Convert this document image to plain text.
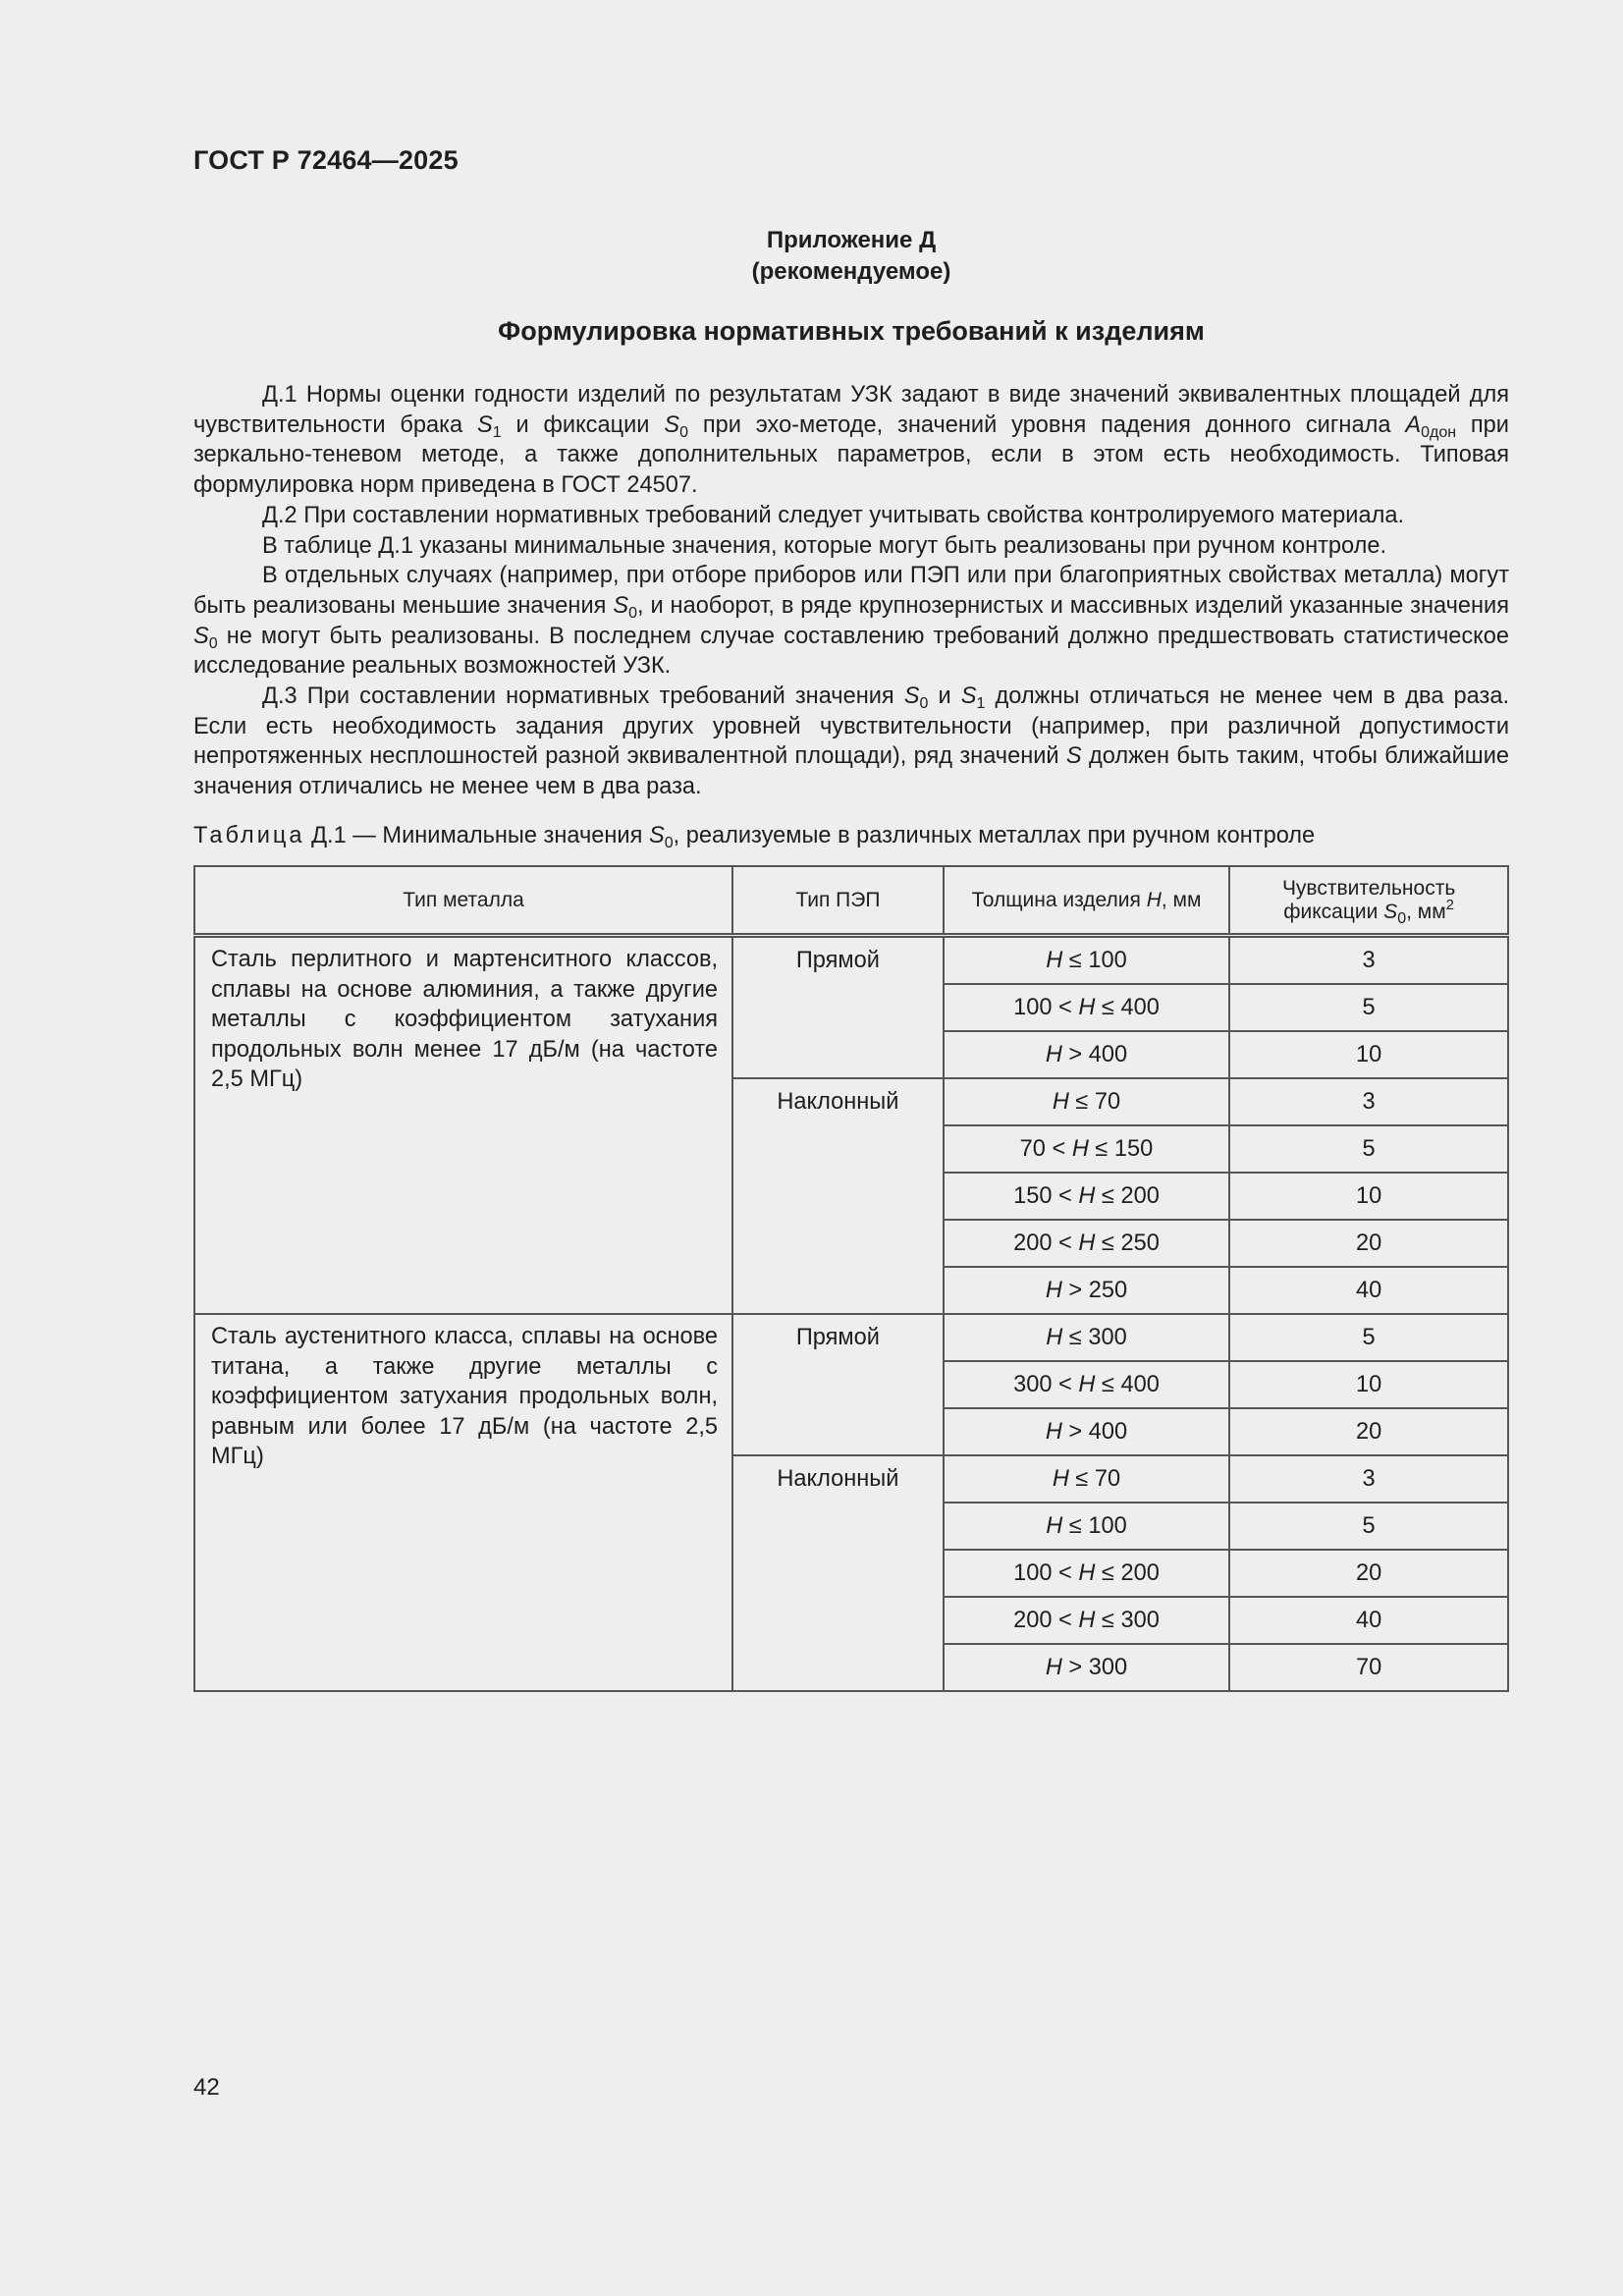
ГОСТ Р 72464—2025
Приложение Д
(рекомендуемое)
Формулировка нормативных требований к изделиям

Д.1 Нормы оценки годности изделий по результатам УЗК задают в виде значений эквивалентных площадей для чувствительности брака $S_1$ и фиксации $S_0$ при эхо-методе, значений уровня падения донного сигнала $A_{0дон}$ при зеркально-теневом методе, а также дополнительных параметров, если в этом есть необходимость. Типовая формулировка норм приведена в ГОСТ 24507.

Д.2 При составлении нормативных требований следует учитывать свойства контролируемого материала.

В таблице Д.1 указаны минимальные значения, которые могут быть реализованы при ручном контроле.

В отдельных случаях (например, при отборе приборов или ПЭП или при благоприятных свойствах металла) могут быть реализованы меньшие значения $S_0$, и наоборот, в ряде крупнозернистых и массивных изделий указанные значения $S_0$ не могут быть реализованы. В последнем случае составлению требований должно предшествовать статистическое исследование реальных возможностей УЗК.

Д.3 При составлении нормативных требований значения $S_0$ и $S_1$ должны отличаться не менее чем в два раза. Если есть необходимость задания других уровней чувствительности (например, при различной допустимости непротяженных несплошностей разной эквивалентной площади), ряд значений S должен быть таким, чтобы ближайшие значения отличались не менее чем в два раза.

Таблица Д.1 — Минимальные значения $S_0$, реализуемые в различных металлах при ручном контроле
Тип металла	Тип ПЭП	Толщина изделия H, мм	Чувствительность
фиксации $S_0$, $мм^2$
Сталь перлитного и мартенситного классов, сплавы на основе алюминия, а также другие металлы с коэффициентом затухания продольных волн менее 17 дБ/м (на частоте 2,5 МГц)	Прямой	H ≤ 100	3
		100 < H ≤ 400	5
		H > 400	10
	Наклонный	H ≤ 70	3
		70 < H ≤ 150	5
		150 < H ≤ 200	10
		200 < H ≤ 250	20
		H > 250	40
Сталь аустенитного класса, сплавы на основе титана, а также другие металлы с коэффициентом затухания продольных волн, равным или более 17 дБ/м (на частоте 2,5 МГц)	Прямой	H ≤ 300	5
		300 < H ≤ 400	10
		H > 400	20
	Наклонный	H ≤ 70	3
		H ≤ 100	5
		100 < H ≤ 200	20
		200 < H ≤ 300	40
		H > 300	70
42
